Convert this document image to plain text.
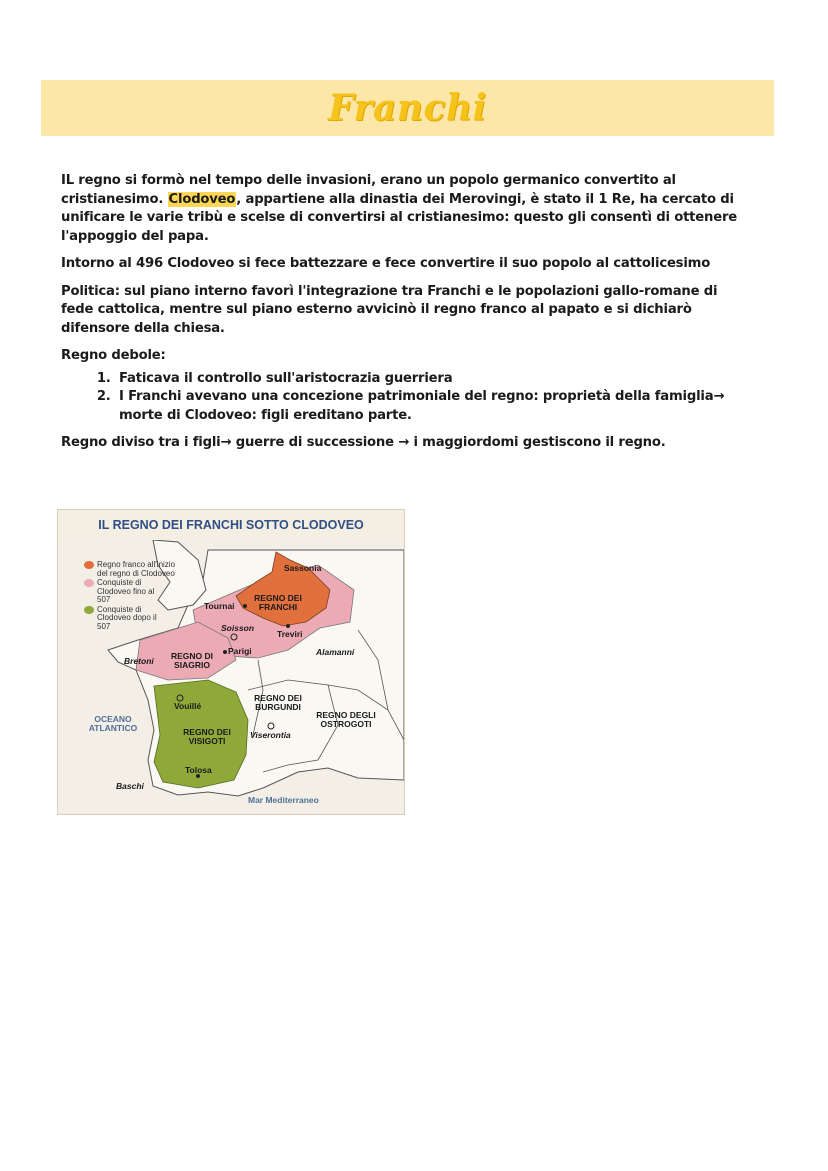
Franchi

IL regno si formò nel tempo delle invasioni, erano un popolo germanico convertito al cristianesimo. Clodoveo, appartiene alla dinastia dei Merovingi, è stato il 1 Re, ha cercato di unificare le varie tribù e scelse di convertirsi al cristianesimo: questo gli consentì di ottenere l'appoggio del papa.

Intorno al 496 Clodoveo si fece battezzare e fece convertire il suo popolo al cattolicesimo

Politica: sul piano interno favorì l'integrazione tra Franchi e le popolazioni gallo-romane di fede cattolica, mentre sul piano esterno avvicinò il regno franco al papato e si dichiarò difensore della chiesa.

Regno debole:

1. Faticava il controllo sull'aristocrazia guerriera
2. I Franchi avevano una concezione patrimoniale del regno: proprietà della famiglia→ morte di Clodoveo: figli ereditano parte.

Regno diviso tra i figli→ guerre di successione → i maggiordomi gestiscono il regno.

IL REGNO DEI FRANCHI SOTTO CLODOVEO
Regno franco all'inizio del regno di Clodoveo
Conquiste di Clodoveo fino al 507
Conquiste di Clodoveo dopo il 507
Sassonia
REGNO DEI FRANCHI
Tournai
Soisson
Treviri
Parigi	Alamanni
Bretoni	REGNO DI SIAGRIO
Vouillé
REGNO DEI BURGUNDI
REGNO DEGLI OSTROGOTI
OCEANO ATLANTICO	REGNO DEI VISIGOTI
Viserontia
Tolosa
Baschi
Mar Mediterraneo
